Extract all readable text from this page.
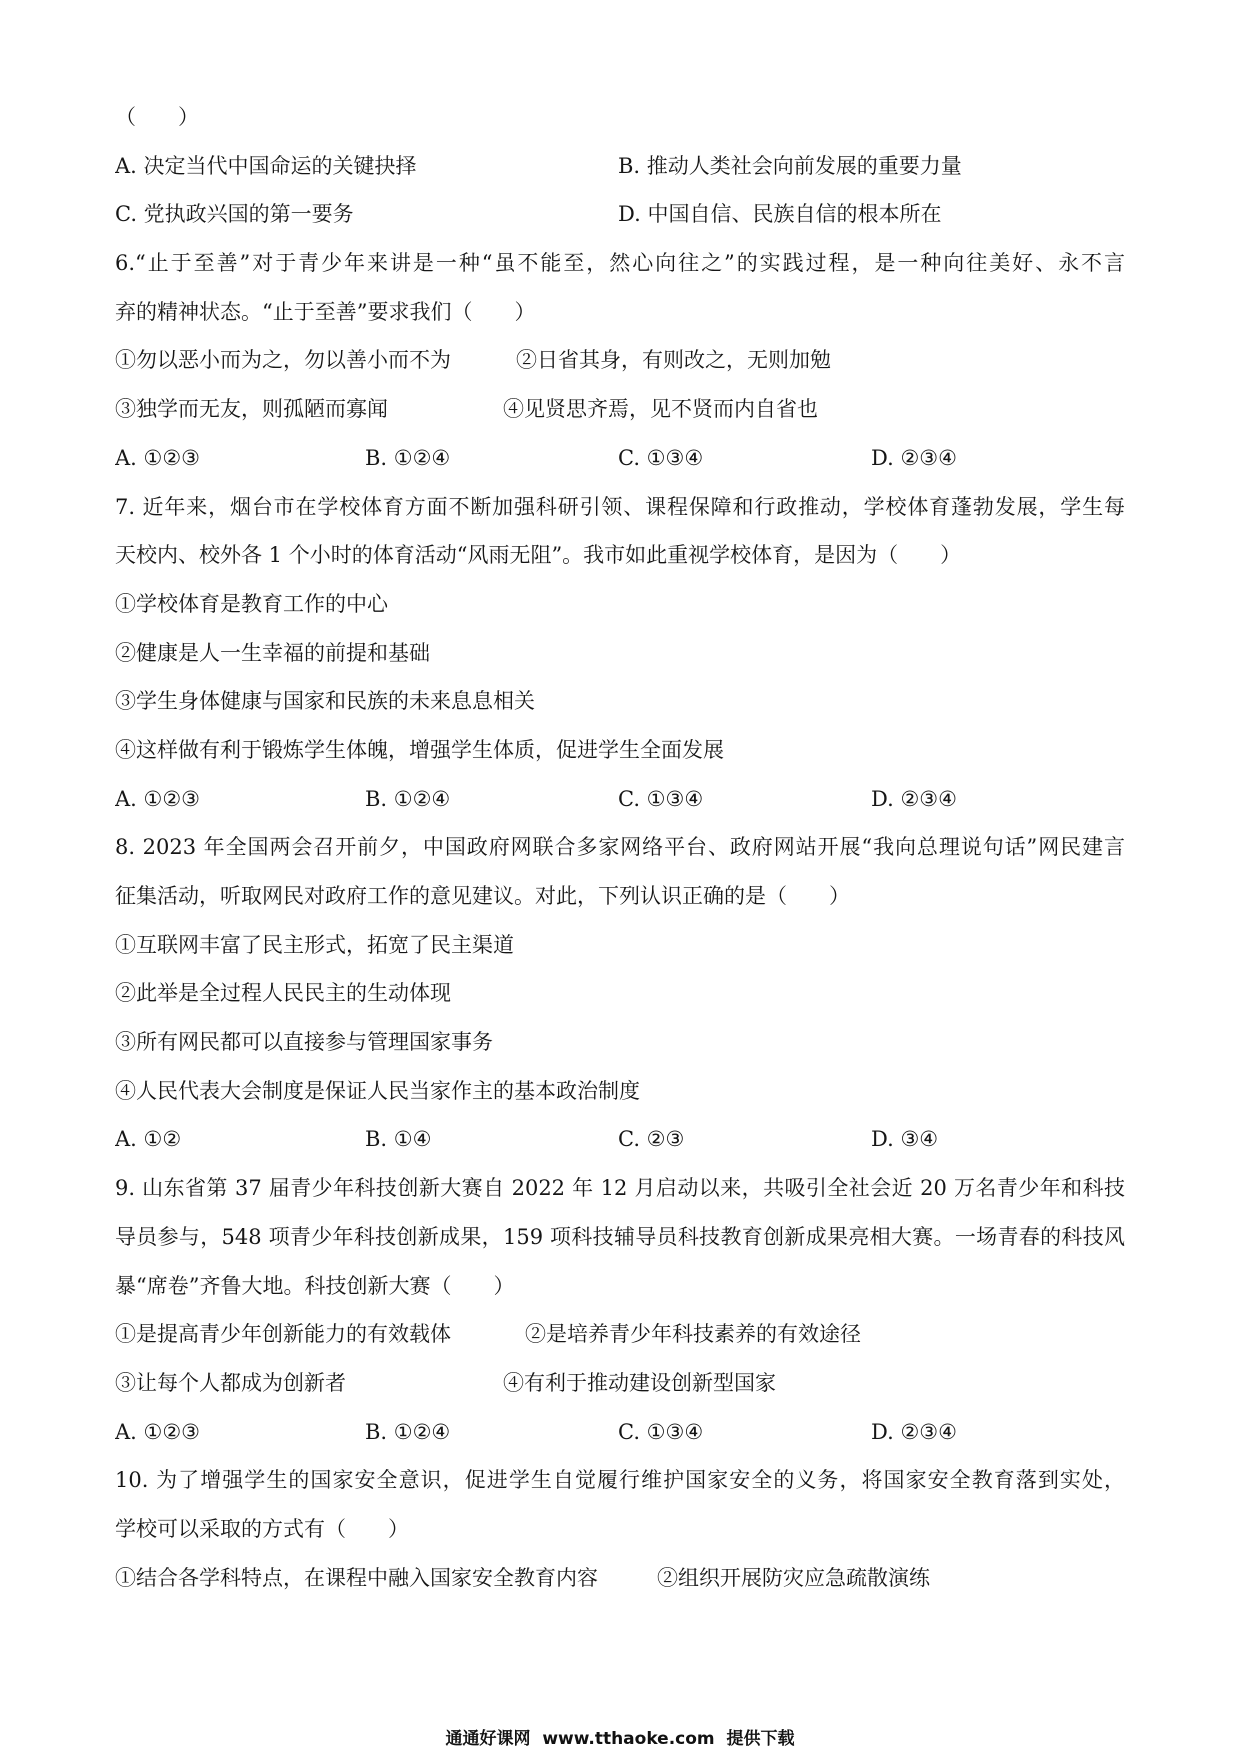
（　　）
A. 决定当代中国命运的关键抉择	B. 推动人类社会向前发展的重要力量
C. 党执政兴国的第一要务	D. 中国自信、民族自信的根本所在
6.“止于至善”对于青少年来讲是一种“虽不能至，然心向往之”的实践过程，是一种向往美好、永不言
弃的精神状态。“止于至善”要求我们（　　）
①勿以恶小而为之，勿以善小而不为	②日省其身，有则改之，无则加勉
③独学而无友，则孤陋而寡闻	④见贤思齐焉，见不贤而内自省也
A. ①②③	B. ①②④	C. ①③④	D. ②③④
7. 近年来，烟台市在学校体育方面不断加强科研引领、课程保障和行政推动，学校体育蓬勃发展，学生每
天校内、校外各 1 个小时的体育活动“风雨无阻”。我市如此重视学校体育，是因为（　　）
①学校体育是教育工作的中心
②健康是人一生幸福的前提和基础
③学生身体健康与国家和民族的未来息息相关
④这样做有利于锻炼学生体魄，增强学生体质，促进学生全面发展
A. ①②③	B. ①②④	C. ①③④	D. ②③④
8. 2023 年全国两会召开前夕，中国政府网联合多家网络平台、政府网站开展“我向总理说句话”网民建言
征集活动，听取网民对政府工作的意见建议。对此，下列认识正确的是（　　）
①互联网丰富了民主形式，拓宽了民主渠道
②此举是全过程人民民主的生动体现
③所有网民都可以直接参与管理国家事务
④人民代表大会制度是保证人民当家作主的基本政治制度
A. ①②	B. ①④	C. ②③	D. ③④
9. 山东省第 37 届青少年科技创新大赛自 2022 年 12 月启动以来，共吸引全社会近 20 万名青少年和科技
导员参与，548 项青少年科技创新成果，159 项科技辅导员科技教育创新成果亮相大赛。一场青春的科技风
暴“席卷”齐鲁大地。科技创新大赛（　　）
①是提高青少年创新能力的有效载体	②是培养青少年科技素养的有效途径
③让每个人都成为创新者	④有利于推动建设创新型国家
A. ①②③	B. ①②④	C. ①③④	D. ②③④
10. 为了增强学生的国家安全意识，促进学生自觉履行维护国家安全的义务，将国家安全教育落到实处，
学校可以采取的方式有（　　）
①结合各学科特点，在课程中融入国家安全教育内容	②组织开展防灾应急疏散演练
通通好课网  www.tthaoke.com  提供下载
